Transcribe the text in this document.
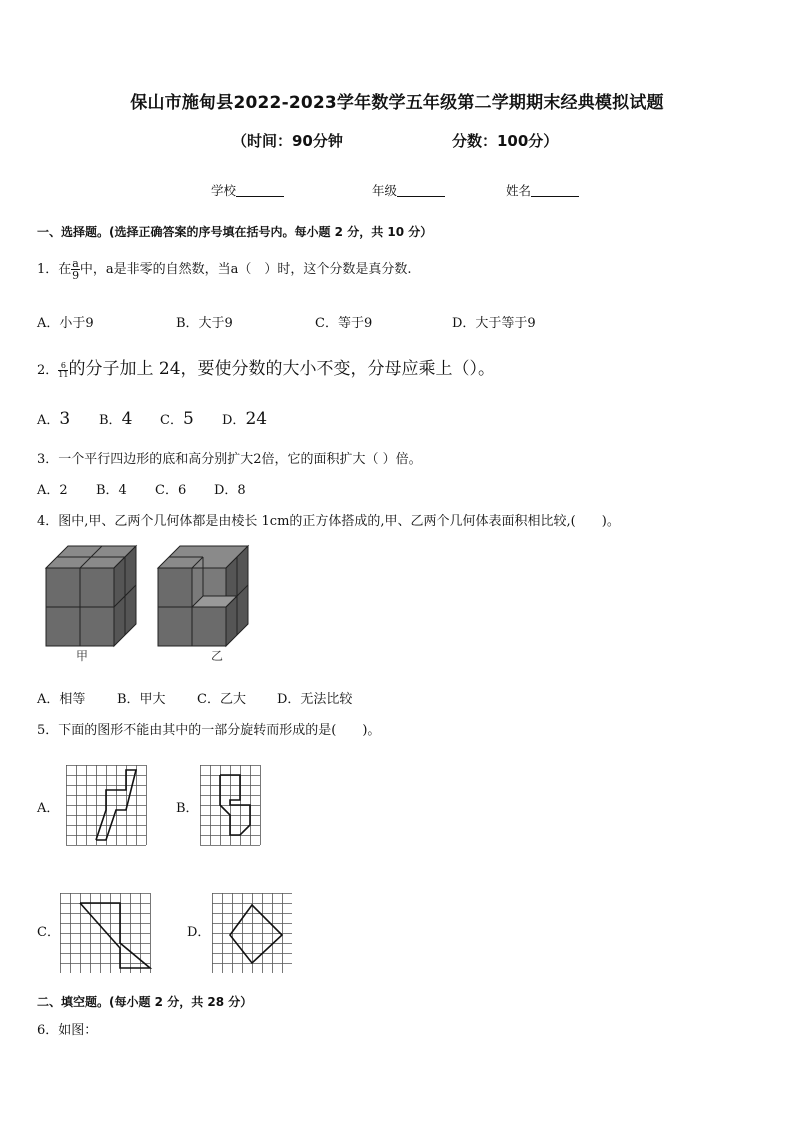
保山市施甸县2022-2023学年数学五年级第二学期期末经典模拟试题
（时间：90分钟	分数：100分）
学校	年级	姓名
一、选择题。(选择正确答案的序号填在括号内。每小题 2 分，共 10 分）
1．在 $\frac{a}{9}$ 中，a是非零的自然数，当a（　）时，这个分数是真分数.
A．小于9	B．大于9	C．等于9	D．大于等于9
2． $\frac{6}{11}$ 的分子加上 24，要使分数的大小不变，分母应乘上（）。
A．3 B．4 C．5 D．24
3．一个平行四边形的底和高分别扩大2倍，它的面积扩大（ ）倍。
A．2 B．4 C．6 D．8
4．图中,甲、乙两个几何体都是由棱长 1cm的正方体搭成的,甲、乙两个几何体表面积相比较,(　　)。
甲	乙
A．相等 B．甲大 C．乙大 D．无法比较
5．下面的图形不能由其中的一部分旋转而形成的是(　　)。
A．	B．
C．	D．
二、填空题。(每小题 2 分，共 28 分）
6．如图：
